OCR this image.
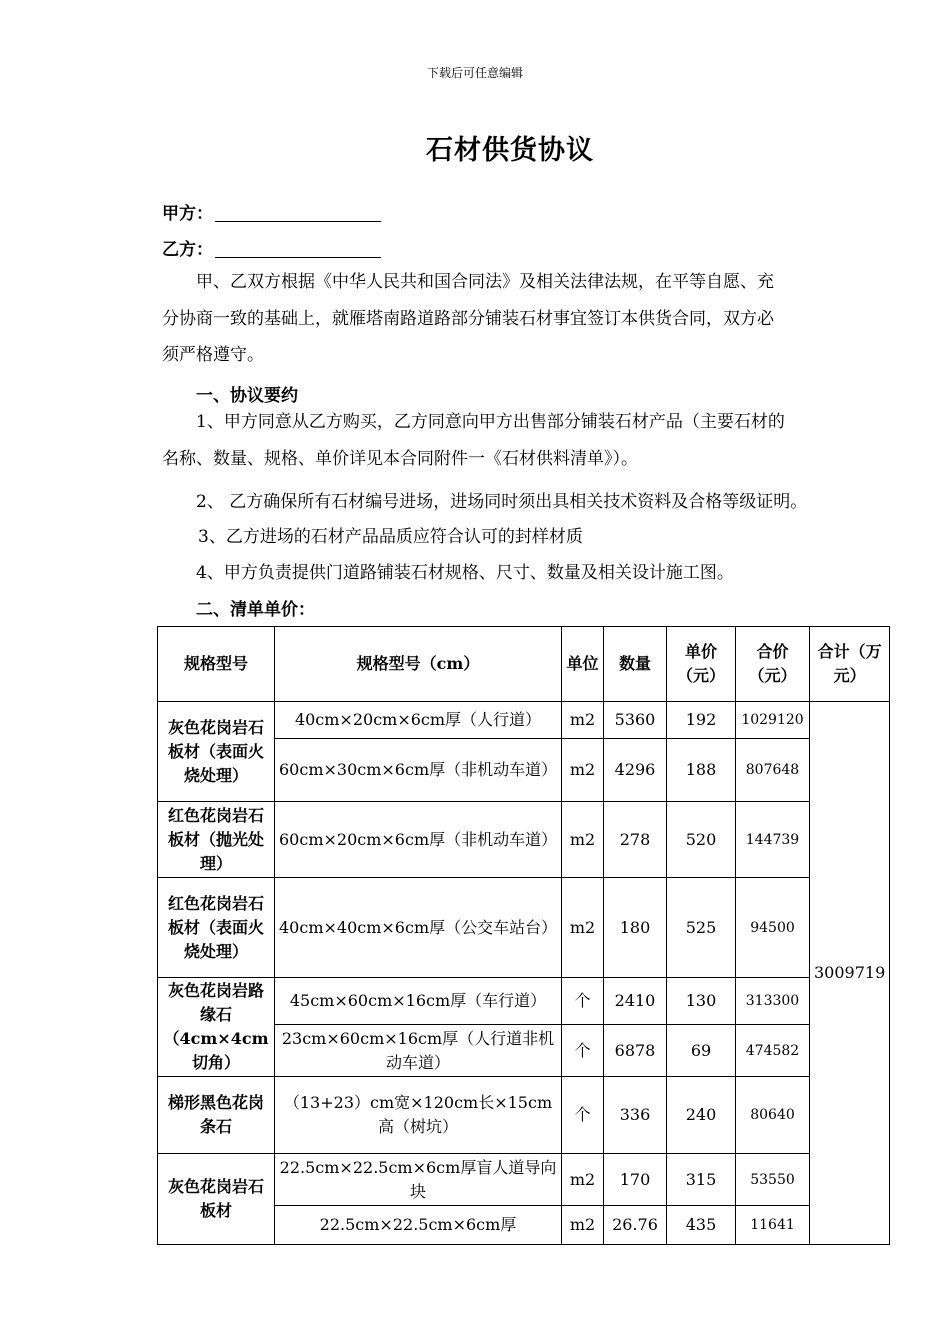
下载后可任意编辑
石材供货协议
甲方：
乙方：
甲、乙双方根据《中华人民共和国合同法》及相关法律法规，在平等自愿、充
分协商一致的基础上，就雁塔南路道路部分铺装石材事宜签订本供货合同，双方必
须严格遵守。
一、协议要约
1、甲方同意从乙方购买，乙方同意向甲方出售部分铺装石材产品（主要石材的
名称、数量、规格、单价详见本合同附件一《石材供料清单》）。
2、 乙方确保所有石材编号进场，进场同时须出具相关技术资料及合格等级证明。
3、乙方进场的石材产品品质应符合认可的封样材质
4、甲方负责提供门道路铺装石材规格、尺寸、数量及相关设计施工图。
二、清单单价：
规格型号	规格型号（cm）	单位	数量	单价（元）	合价（元）	合计（万元）
灰色花岗岩石板材（表面火烧处理）	40cm×20cm×6cm厚（人行道）	m2	5360	192	1029120	3009719
	60cm×30cm×6cm厚（非机动车道）	m2	4296	188	807648	
红色花岗岩石板材（抛光处理）	60cm×20cm×6cm厚（非机动车道）	m2	278	520	144739	
红色花岗岩石板材（表面火烧处理）	40cm×40cm×6cm厚（公交车站台）	m2	180	525	94500	
灰色花岗岩路缘石（4cm×4cm切角）	45cm×60cm×16cm厚（车行道）	个	2410	130	313300	
	23cm×60cm×16cm厚（人行道非机动车道）	个	6878	69	474582	
梯形黑色花岗条石	（13+23）cm宽×120cm长×15cm高（树坑）	个	336	240	80640	
灰色花岗岩石板材	22.5cm×22.5cm×6cm厚盲人道导向块	m2	170	315	53550	
	22.5cm×22.5cm×6cm厚	m2	26.76	435	11641	
